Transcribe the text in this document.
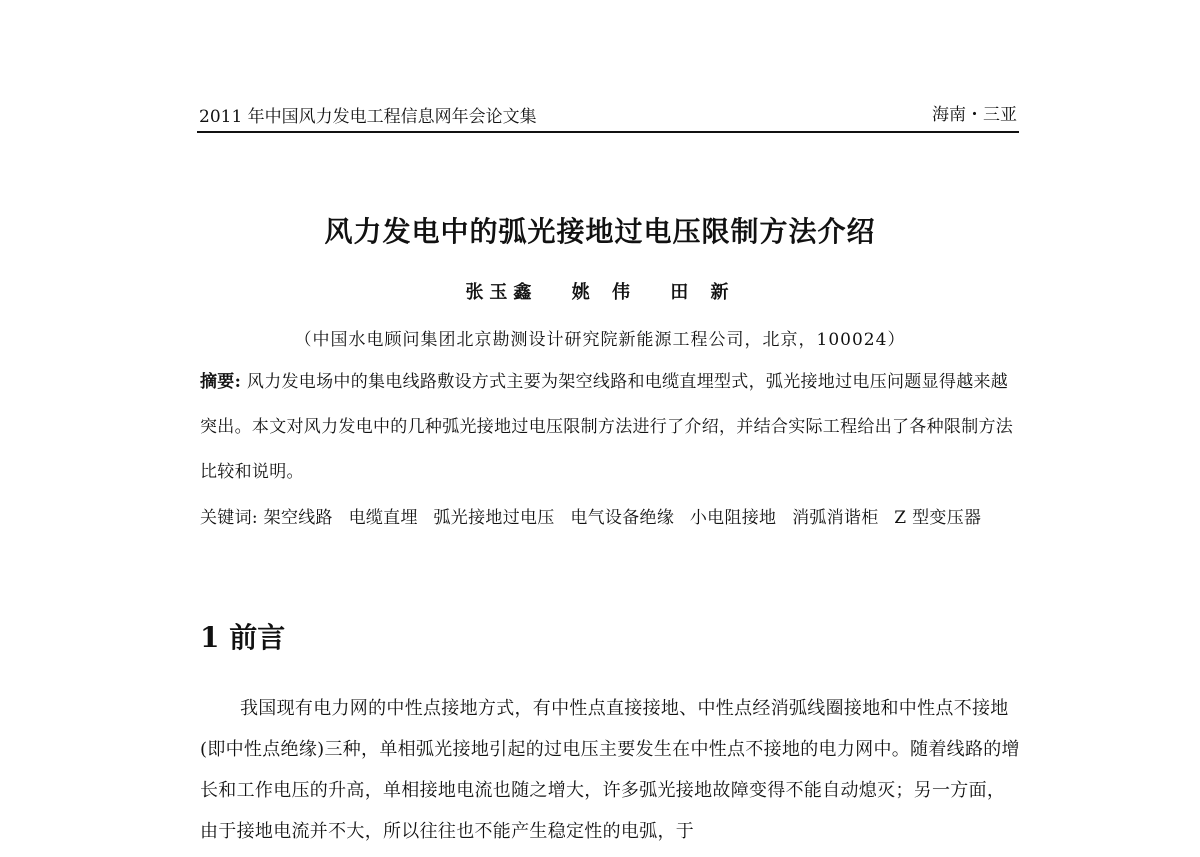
2011 年中国风力发电工程信息网年会论文集	海南・三亚
风力发电中的弧光接地过电压限制方法介绍
张玉鑫 姚 伟 田 新
（中国水电顾问集团北京勘测设计研究院新能源工程公司，北京，100024）
摘要: 风力发电场中的集电线路敷设方式主要为架空线路和电缆直埋型式，弧光接地过电压问题显得越来越突出。本文对风力发电中的几种弧光接地过电压限制方法进行了介绍，并结合实际工程给出了各种限制方法比较和说明。
关键词: 架空线路 电缆直埋 弧光接地过电压 电气设备绝缘 小电阻接地 消弧消谐柜 Z 型变压器
1 前言
我国现有电力网的中性点接地方式，有中性点直接接地、中性点经消弧线圈接地和中性点不接地(即中性点绝缘)三种，单相弧光接地引起的过电压主要发生在中性点不接地的电力网中。随着线路的增长和工作电压的升高，单相接地电流也随之增大，许多弧光接地故障变得不能自动熄灭；另一方面，由于接地电流并不大，所以往往也不能产生稳定性的电弧，于
